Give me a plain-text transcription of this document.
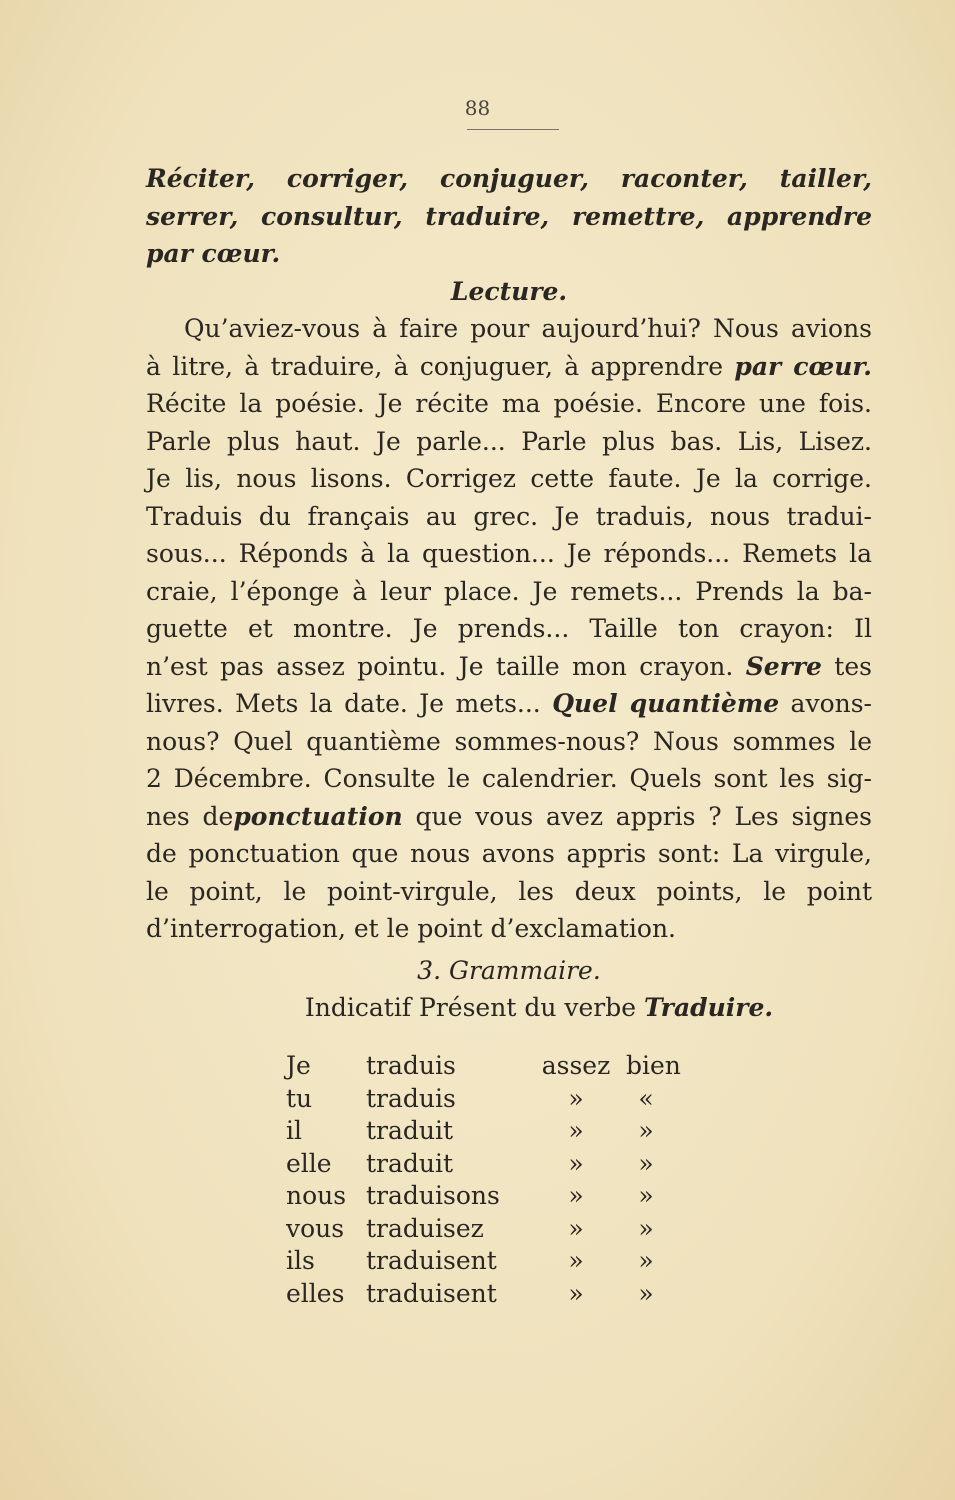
88
Réciter, corriger, conjuguer, raconter, tailler,
serrer, consultur, traduire, remettre, apprendre
par cœur.
Lecture.
Qu’aviez-vous à faire pour aujourd’hui? Nous avions
à litre, à traduire, à conjuguer, à apprendre par cœur.
Récite la poésie. Je récite ma poésie. Encore une fois.
Parle plus haut. Je parle... Parle plus bas. Lis, Lisez.
Je lis, nous lisons. Corrigez cette faute. Je la corrige.
Traduis du français au grec. Je traduis, nous tradui-
sous... Réponds à la question... Je réponds... Remets la
craie, l’éponge à leur place. Je remets... Prends la ba-
guette et montre. Je prends... Taille ton crayon: Il
n’est pas assez pointu. Je taille mon crayon. Serre tes
livres. Mets la date. Je mets... Quel quantième avons-
nous? Quel quantième sommes-nous? Nous sommes le
2 Décembre. Consulte le calendrier. Quels sont les sig-
nes deponctuation que vous avez appris ? Les signes
de ponctuation que nous avons appris sont: La virgule,
le point, le point-virgule, les deux points, le point
d’interrogation, et le point d’exclamation.
3. Grammaire.
Indicatif Présent du verbe Traduire.
Je	traduis	assez bien
tu	traduis	»	«
il	traduit	»	»
elle	traduit	»	»
nous traduisons	»	»
vous traduisez	»	»
ils	traduisent	»	»
elles traduisent	»	»
